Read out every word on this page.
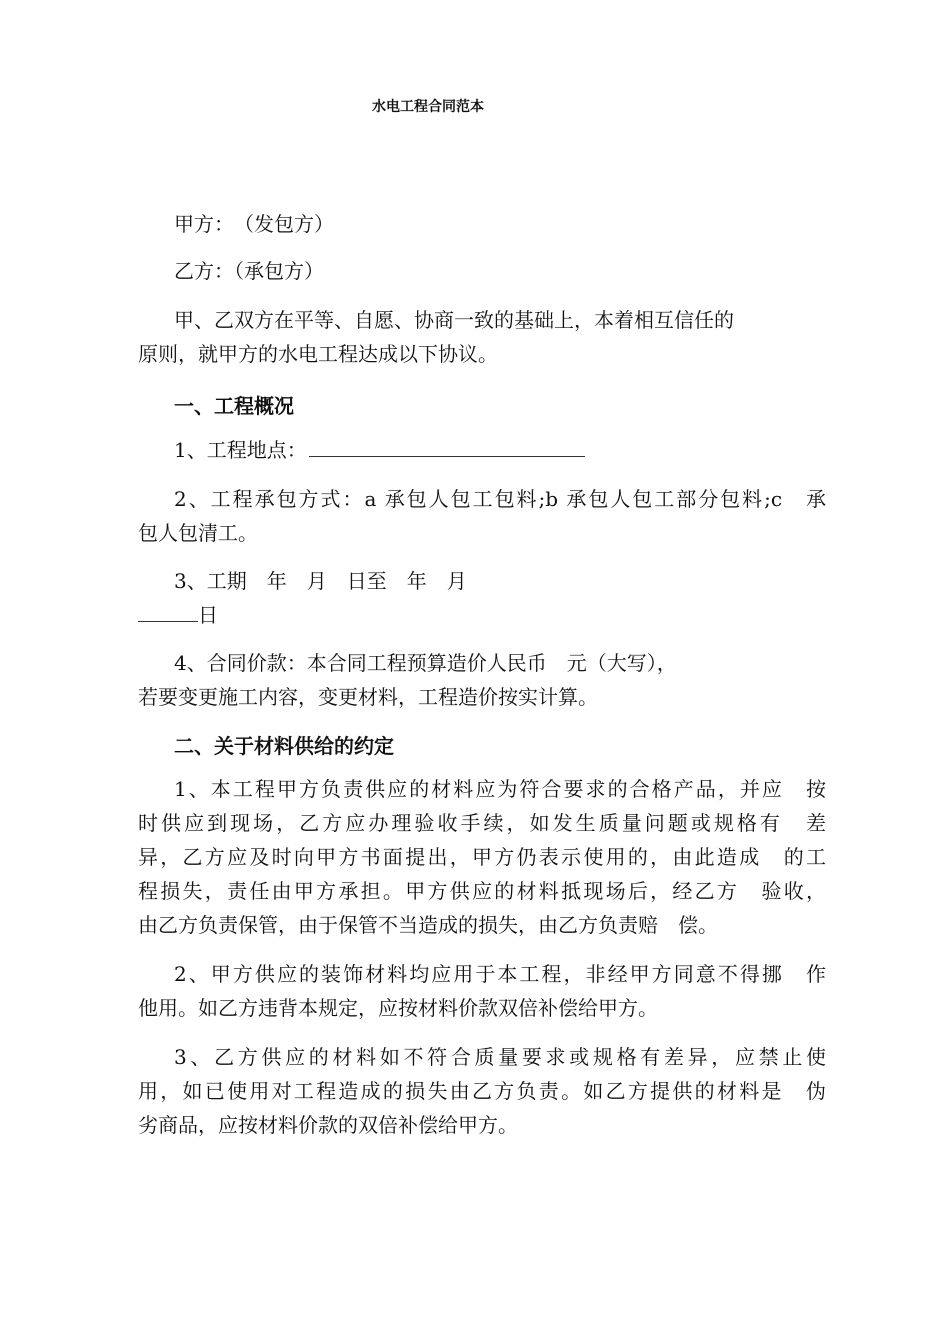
水电工程合同范本
甲方：　（发包方）
乙方：（承包方）
甲、乙双方在平等、自愿、协商一致的基础上，本着相互信任的
原则，就甲方的水电工程达成以下协议。
一、工程概况
1、工程地点：
2、工程承包方式：a 承包人包工包料;b 承包人包工部分包料;c　承
包人包清工。
3、工期　年　月　日至　年　月
日
4、合同价款：本合同工程预算造价人民币　元（大写），
若要变更施工内容，变更材料，工程造价按实计算。
二、关于材料供给的约定
1、本工程甲方负责供应的材料应为符合要求的合格产品，并应　按
时供应到现场，乙方应办理验收手续，如发生质量问题或规格有　差
异，乙方应及时向甲方书面提出，甲方仍表示使用的，由此造成　的工
程损失，责任由甲方承担。甲方供应的材料抵现场后，经乙方　验收，
由乙方负责保管，由于保管不当造成的损失，由乙方负责赔　偿。
2、甲方供应的装饰材料均应用于本工程，非经甲方同意不得挪　作
他用。如乙方违背本规定，应按材料价款双倍补偿给甲方。
3、乙方供应的材料如不符合质量要求或规格有差异，应禁止使
用，如已使用对工程造成的损失由乙方负责。如乙方提供的材料是　伪
劣商品，应按材料价款的双倍补偿给甲方。
